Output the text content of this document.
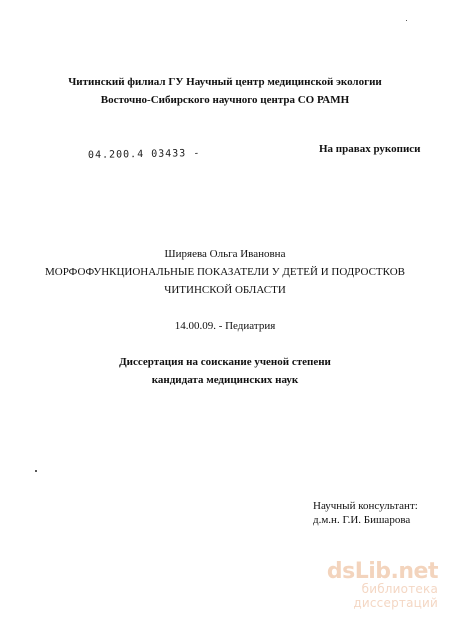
Читинский филиал ГУ Научный центр медицинской экологии
Восточно-Сибирского научного центра СО РАМН
04.200.4 03433 -	На правах рукописи
Ширяева Ольга Ивановна
МОРФОФУНКЦИОНАЛЬНЫЕ ПОКАЗАТЕЛИ У ДЕТЕЙ И ПОДРОСТКОВ
ЧИТИНСКОЙ ОБЛАСТИ
14.00.09. - Педиатрия
Диссертация на соискание ученой степени
кандидата медицинских наук
Научный консультант:
д.м.н. Г.И. Бишарова
dsLib.net
библиотека диссертаций
